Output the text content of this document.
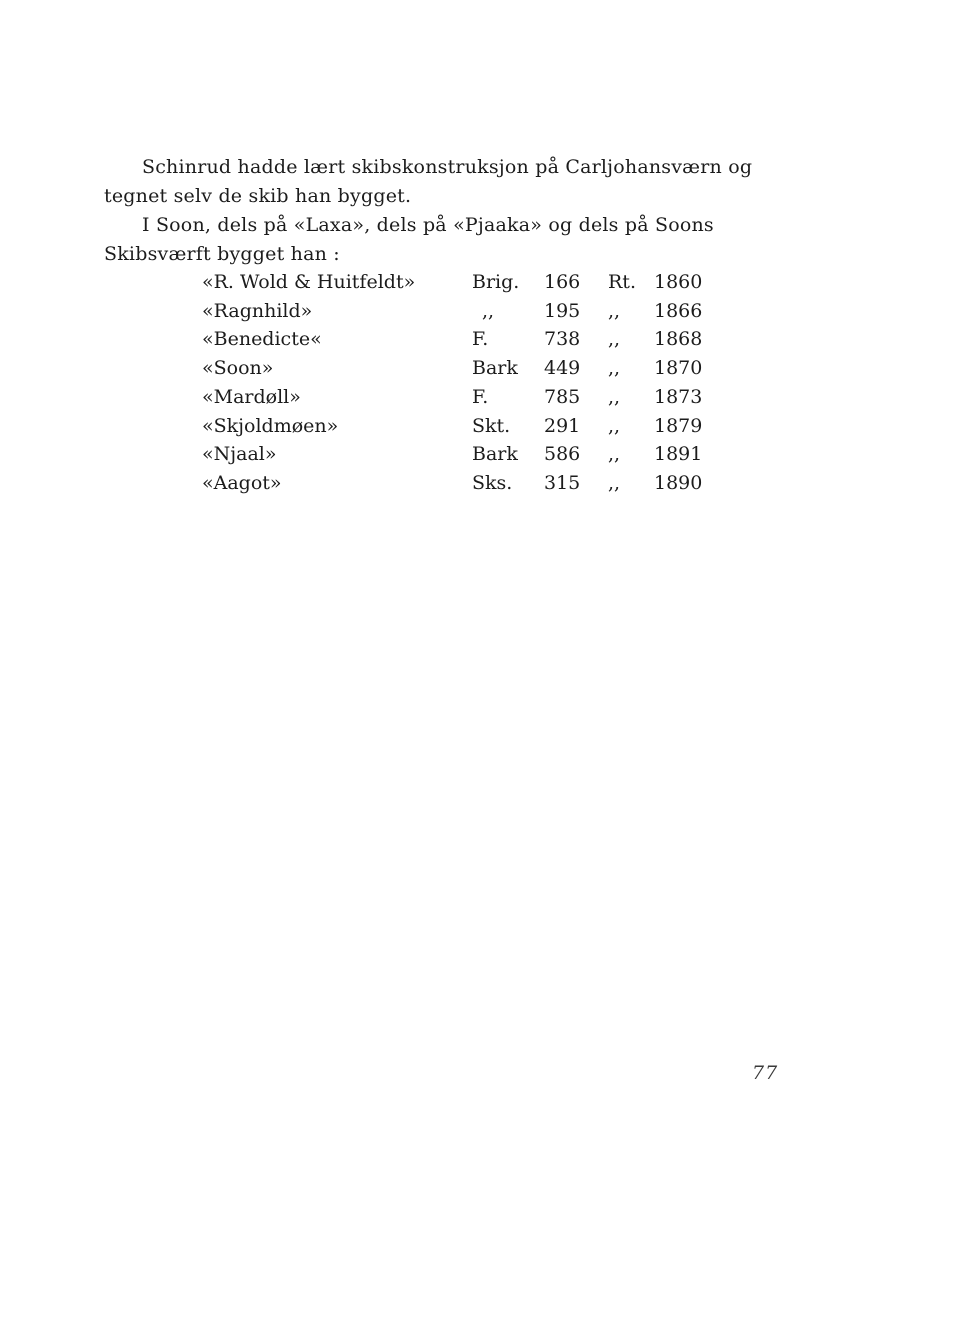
Schinrud hadde lært skibskonstruksjon på Carljohansværn og
tegnet selv de skib han bygget.
I Soon, dels på «Laxa», dels på «Pjaaka» og dels på Soons
Skibsværft bygget han :
«R. Wold & Huitfeldt»	Brig.	166	Rt.	1860
«Ragnhild»	,,	195	,,	1866
«Benedicte«	F.	738	,,	1868
«Soon»	Bark	449	,,	1870
«Mardøll»	F.	785	,,	1873
«Skjoldmøen»	Skt.	291	,,	1879
«Njaal»	Bark	586	,,	1891
«Aagot»	Sks.	315	,,	1890
77
